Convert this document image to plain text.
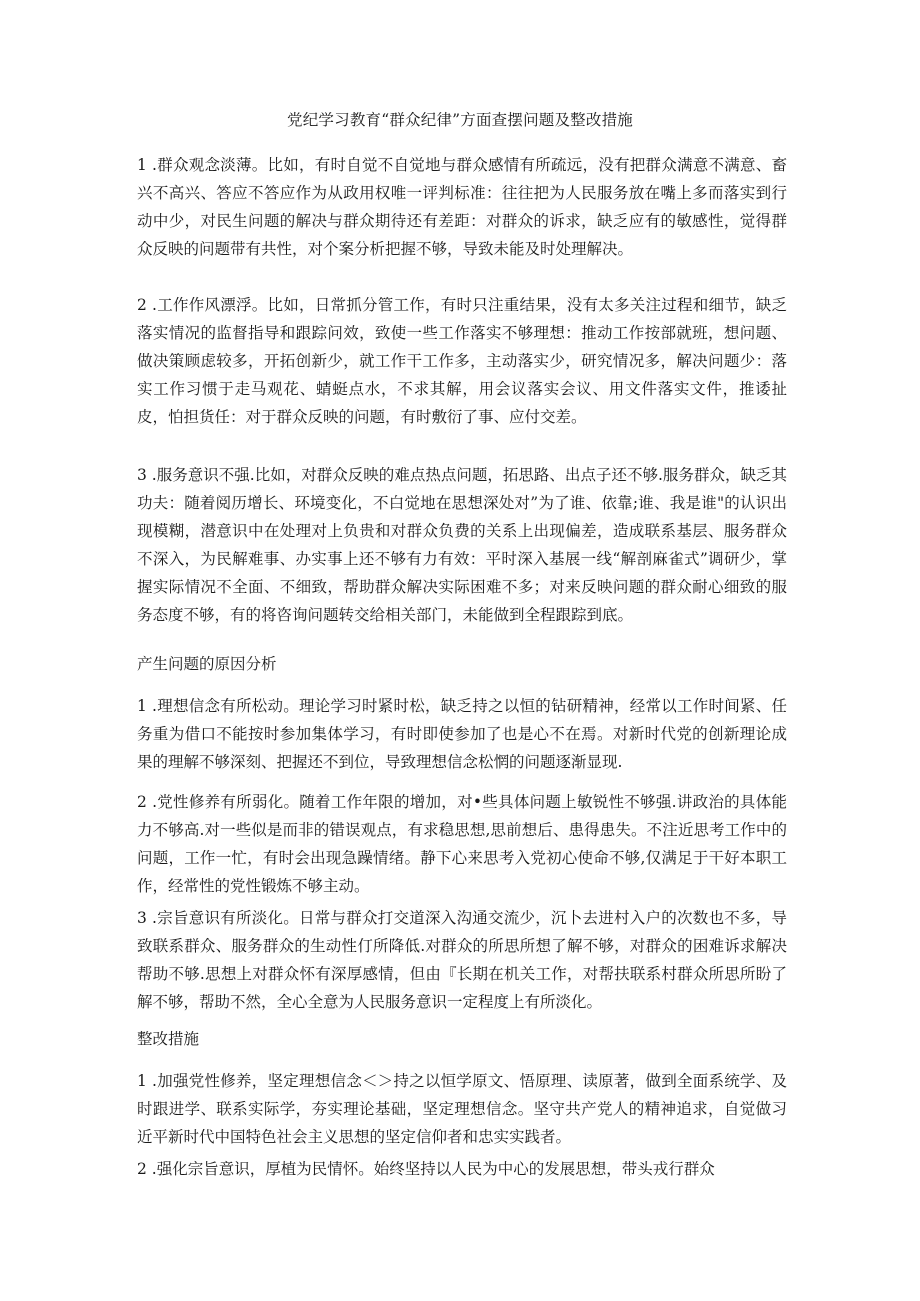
党纪学习教育“群众纪律”方面查摆问题及整改措施

1 .群众观念淡薄。比如，有时自觉不自觉地与群众感情有所疏远，没有把群众满意不满意、畜兴不高兴、答应不答应作为从政用权唯一评判标准：往往把为人民服务放在嘴上多而落实到行动中少，对民生问题的解决与群众期待还有差距：对群众的诉求，缺乏应有的敏感性，觉得群众反映的问题带有共性，对个案分析把握不够，导致未能及时处理解决。

2 .工作作风漂浮。比如，日常抓分管工作，有时只注重结果，没有太多关注过程和细节，缺乏落实情况的监督指导和跟踪问效，致使一些工作落实不够理想：推动工作按部就班，想问题、做决策顾虑较多，开拓创新少，就工作干工作多，主动落实少，研究情况多，解决问题少：落实工作习惯于走马观花、蜻蜓点水，不求其解，用会议落实会议、用文件落实文件，推诿扯皮，怕担货任：对于群众反映的问题，有时敷衍了事、应付交差。

3 .服务意识不强.比如，对群众反映的难点热点问题，拓思路、出点子还不够.服务群众，缺乏其功夫：随着阅历增长、环境变化，不白觉地在思想深处对”为了谁、依靠;谁、我是谁"的认识出现模糊，潜意识中在处理对上负贵和对群众负费的关系上出现偏差，造成联系基层、服务群众不深入，为民解难事、办实事上还不够有力有效：平时深入基展一线“解剖麻雀式”调研少，掌握实际情况不全面、不细致，帮助群众解决实际困难不多；对来反映问题的群众耐心细致的服务态度不够，有的将咨询问题转交给相关部门，未能做到全程跟踪到底。

产生问题的原因分析

1 .理想信念有所松动。理论学习时紧时松，缺乏持之以恒的钻研精神，经常以工作时间紧、任务重为借口不能按时参加集体学习，有时即使参加了也是心不在焉。对新时代党的创新理论成果的理解不够深刻、把握还不到位，导致理想信念松惘的问题逐渐显现.

2 .党性修养有所弱化。随着工作年限的增加，对•些具体问题上敏锐性不够强.讲政治的具体能力不够高.对一些似是而非的错误观点，有求稳思想,思前想后、患得患失。不注近思考工作中的问题，工作一忙，有时会出现急躁情绪。静下心来思考入党初心使命不够,仅满足于干好本职工作，经常性的党性锻炼不够主动。

3 .宗旨意识有所淡化。日常与群众打交道深入沟通交流少，沉卜去进村入户的次数也不多，导致联系群众、服务群众的生动性仃所降低.对群众的所思所想了解不够，对群众的困难诉求解决帮助不够.思想上对群众怀有深厚感情，但由『长期在机关工作，对帮扶联系村群众所思所盼了解不够，帮助不然，全心全意为人民服务意识一定程度上有所淡化。

整改措施

1 .加强党性修养，坚定理想信念＜＞持之以恒学原文、悟原理、读原著，做到全面系统学、及时跟进学、联系实际学，夯实理论基础，坚定理想信念。坚守共产党人的精神追求，自觉做习近平新时代中国特色社会主义思想的坚定信仰者和忠实实践者。

2 .强化宗旨意识，厚植为民情怀。始终坚持以人民为中心的发展思想，带头戎行群众
